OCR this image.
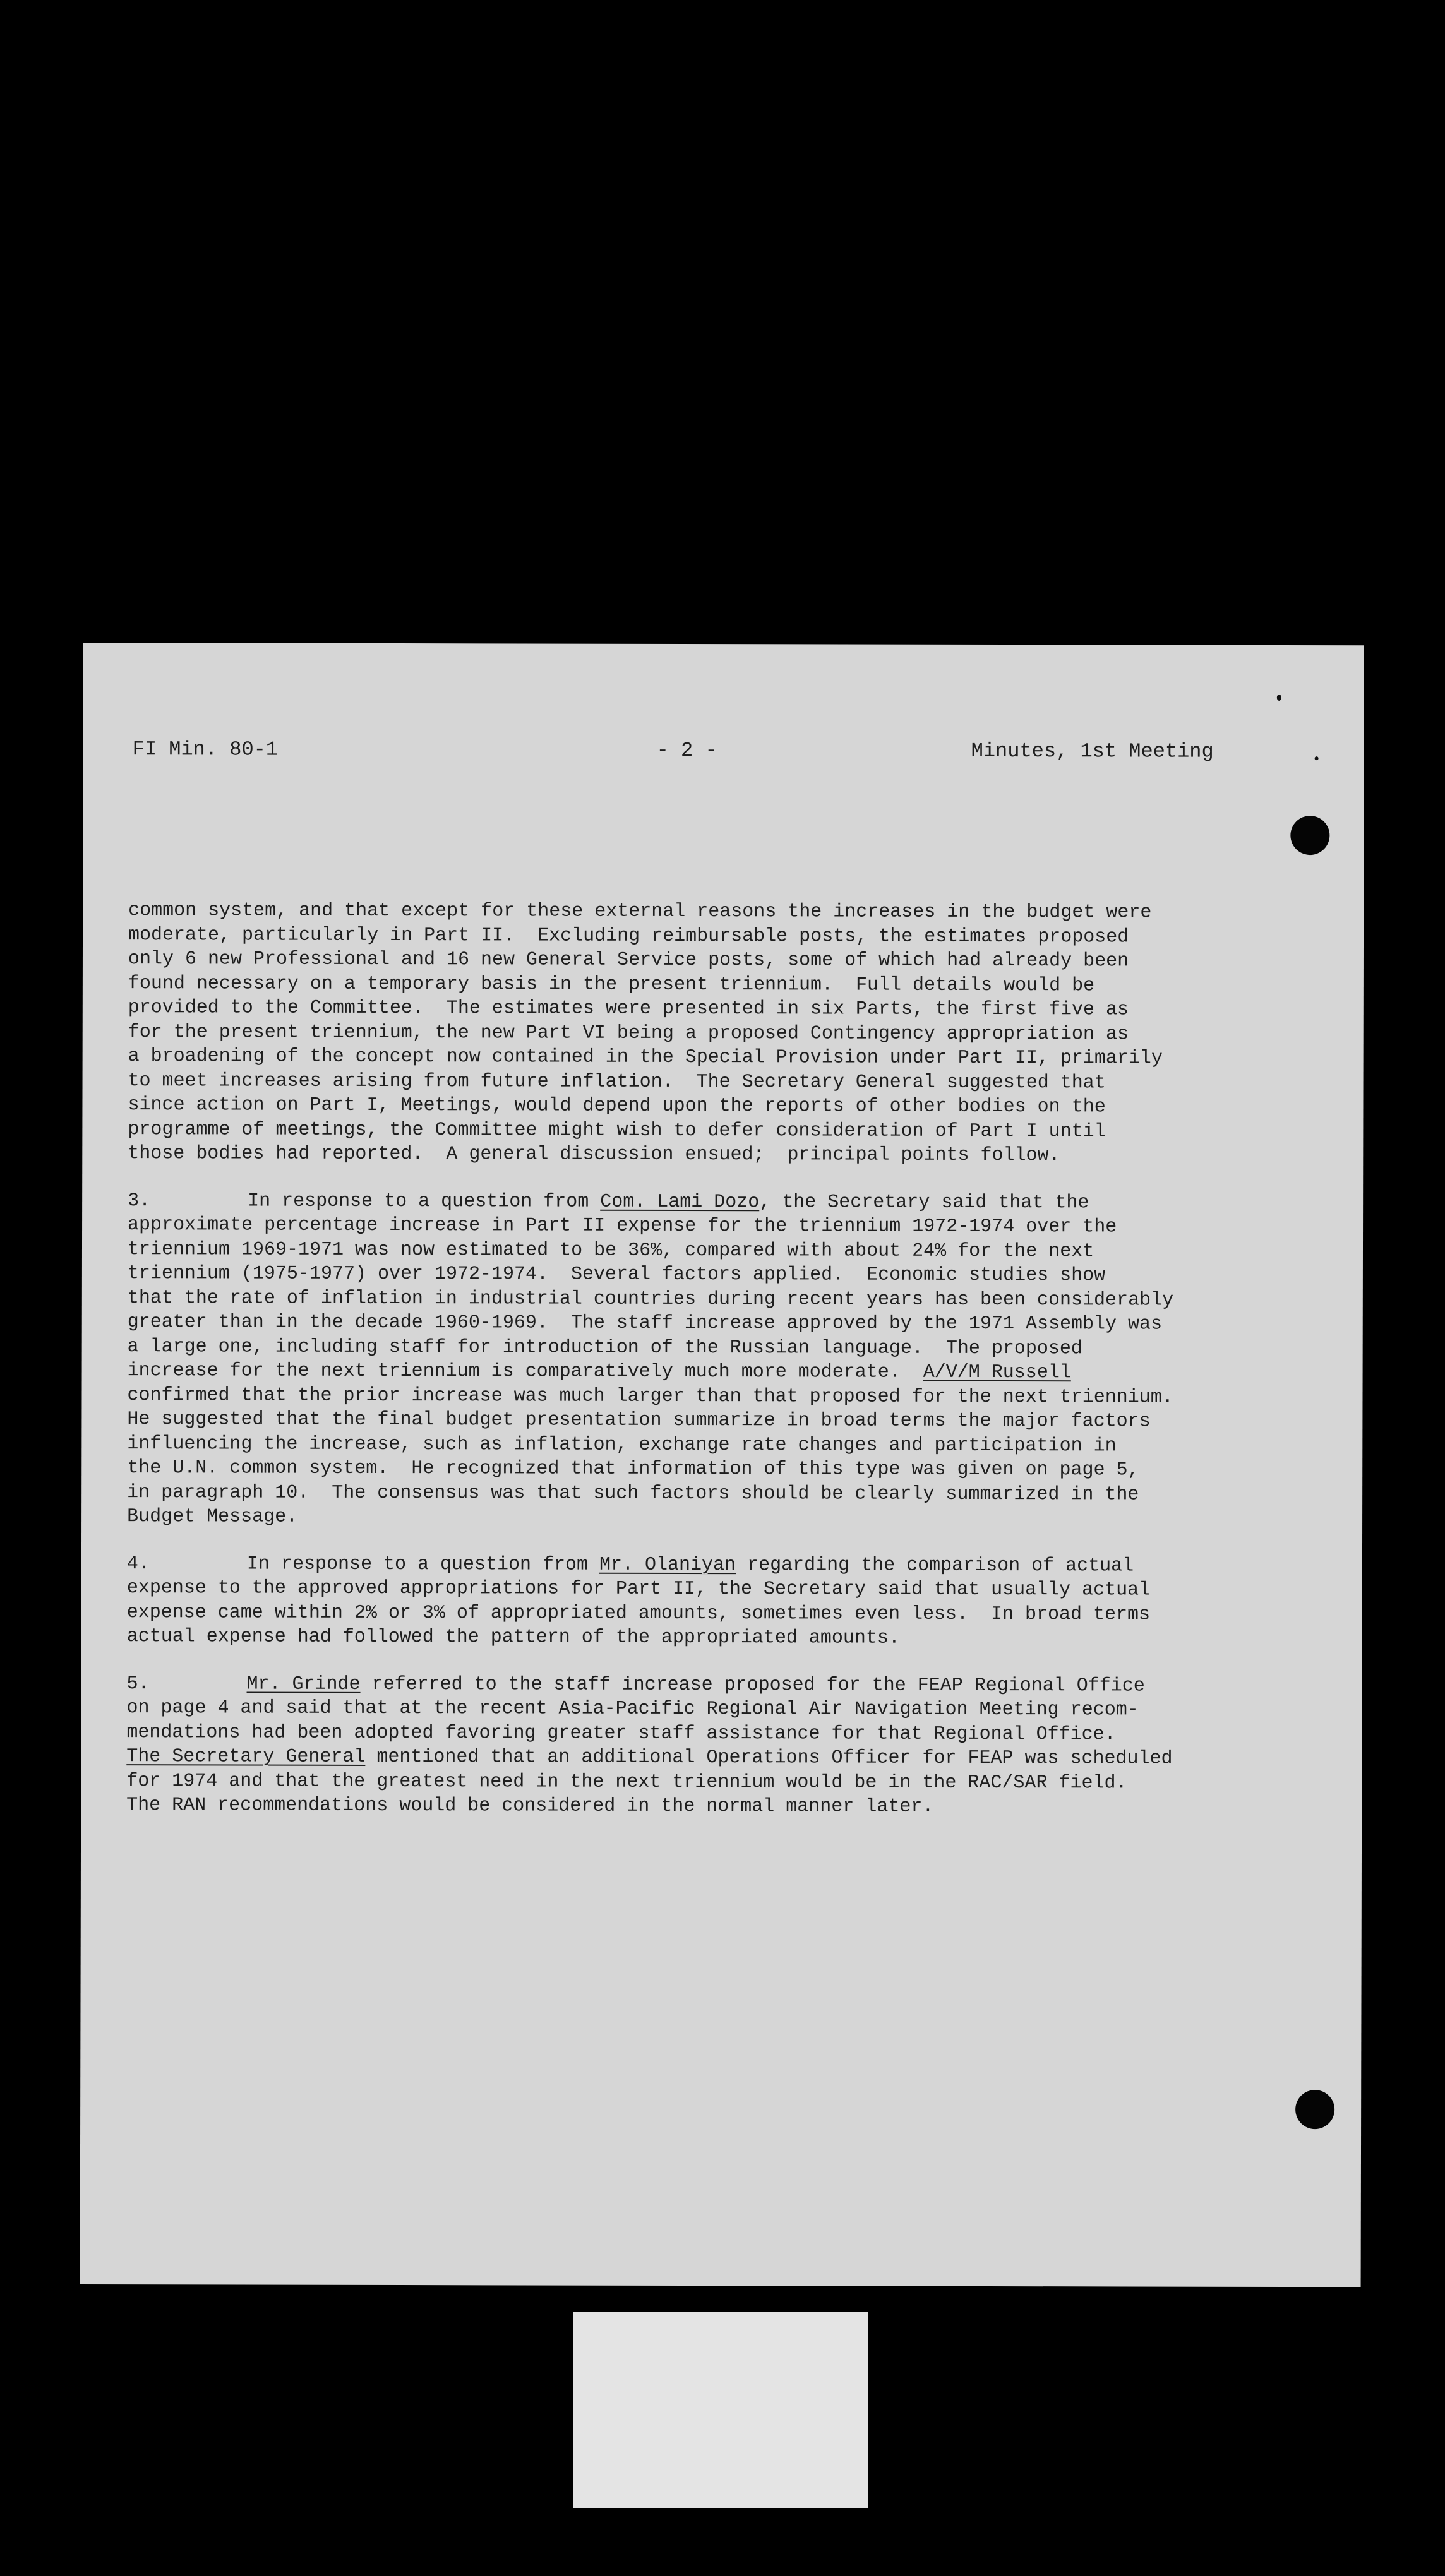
FI Min. 80-1	- 2 -	Minutes, 1st Meeting
common system, and that except for these external reasons the increases in the budget were
moderate, particularly in Part II.  Excluding reimbursable posts, the estimates proposed
only 6 new Professional and 16 new General Service posts, some of which had already been
found necessary on a temporary basis in the present triennium.  Full details would be
provided to the Committee.  The estimates were presented in six Parts, the first five as
for the present triennium, the new Part VI being a proposed Contingency appropriation as
a broadening of the concept now contained in the Special Provision under Part II, primarily
to meet increases arising from future inflation.  The Secretary General suggested that
since action on Part I, Meetings, would depend upon the reports of other bodies on the
programme of meetings, the Committee might wish to defer consideration of Part I until
those bodies had reported.  A general discussion ensued;  principal points follow.
3.	In response to a question from Com. Lami Dozo, the Secretary said that the
approximate percentage increase in Part II expense for the triennium 1972-1974 over the
triennium 1969-1971 was now estimated to be 36%, compared with about 24% for the next
triennium (1975-1977) over 1972-1974.  Several factors applied.  Economic studies show
that the rate of inflation in industrial countries during recent years has been considerably
greater than in the decade 1960-1969.  The staff increase approved by the 1971 Assembly was
a large one, including staff for introduction of the Russian language.  The proposed
increase for the next triennium is comparatively much more moderate.  A/V/M Russell
confirmed that the prior increase was much larger than that proposed for the next triennium.
He suggested that the final budget presentation summarize in broad terms the major factors
influencing the increase, such as inflation, exchange rate changes and participation in
the U.N. common system.  He recognized that information of this type was given on page 5,
in paragraph 10.  The consensus was that such factors should be clearly summarized in the
Budget Message.
4.	In response to a question from Mr. Olaniyan regarding the comparison of actual
expense to the approved appropriations for Part II, the Secretary said that usually actual
expense came within 2% or 3% of appropriated amounts, sometimes even less.  In broad terms
actual expense had followed the pattern of the appropriated amounts.
5.	Mr. Grinde referred to the staff increase proposed for the FEAP Regional Office
on page 4 and said that at the recent Asia-Pacific Regional Air Navigation Meeting recom-
mendations had been adopted favoring greater staff assistance for that Regional Office.
The Secretary General mentioned that an additional Operations Officer for FEAP was scheduled
for 1974 and that the greatest need in the next triennium would be in the RAC/SAR field.
The RAN recommendations would be considered in the normal manner later.
